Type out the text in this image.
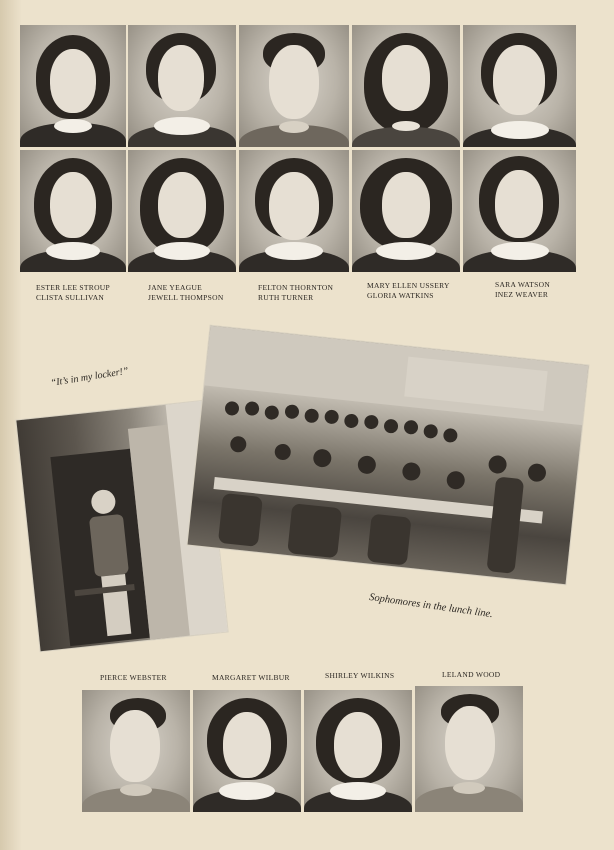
ESTER LEE STROUP
CLISTA SULLIVAN
JANE YEAGUE
JEWELL THOMPSON
FELTON THORNTON
RUTH TURNER
MARY ELLEN USSERY
GLORIA WATKINS
SARA WATSON
INEZ WEAVER
“It’s in my locker!”
Sophomores in the lunch line.
PIERCE WEBSTER	MARGARET WILBUR	SHIRLEY WILKINS	LELAND WOOD
